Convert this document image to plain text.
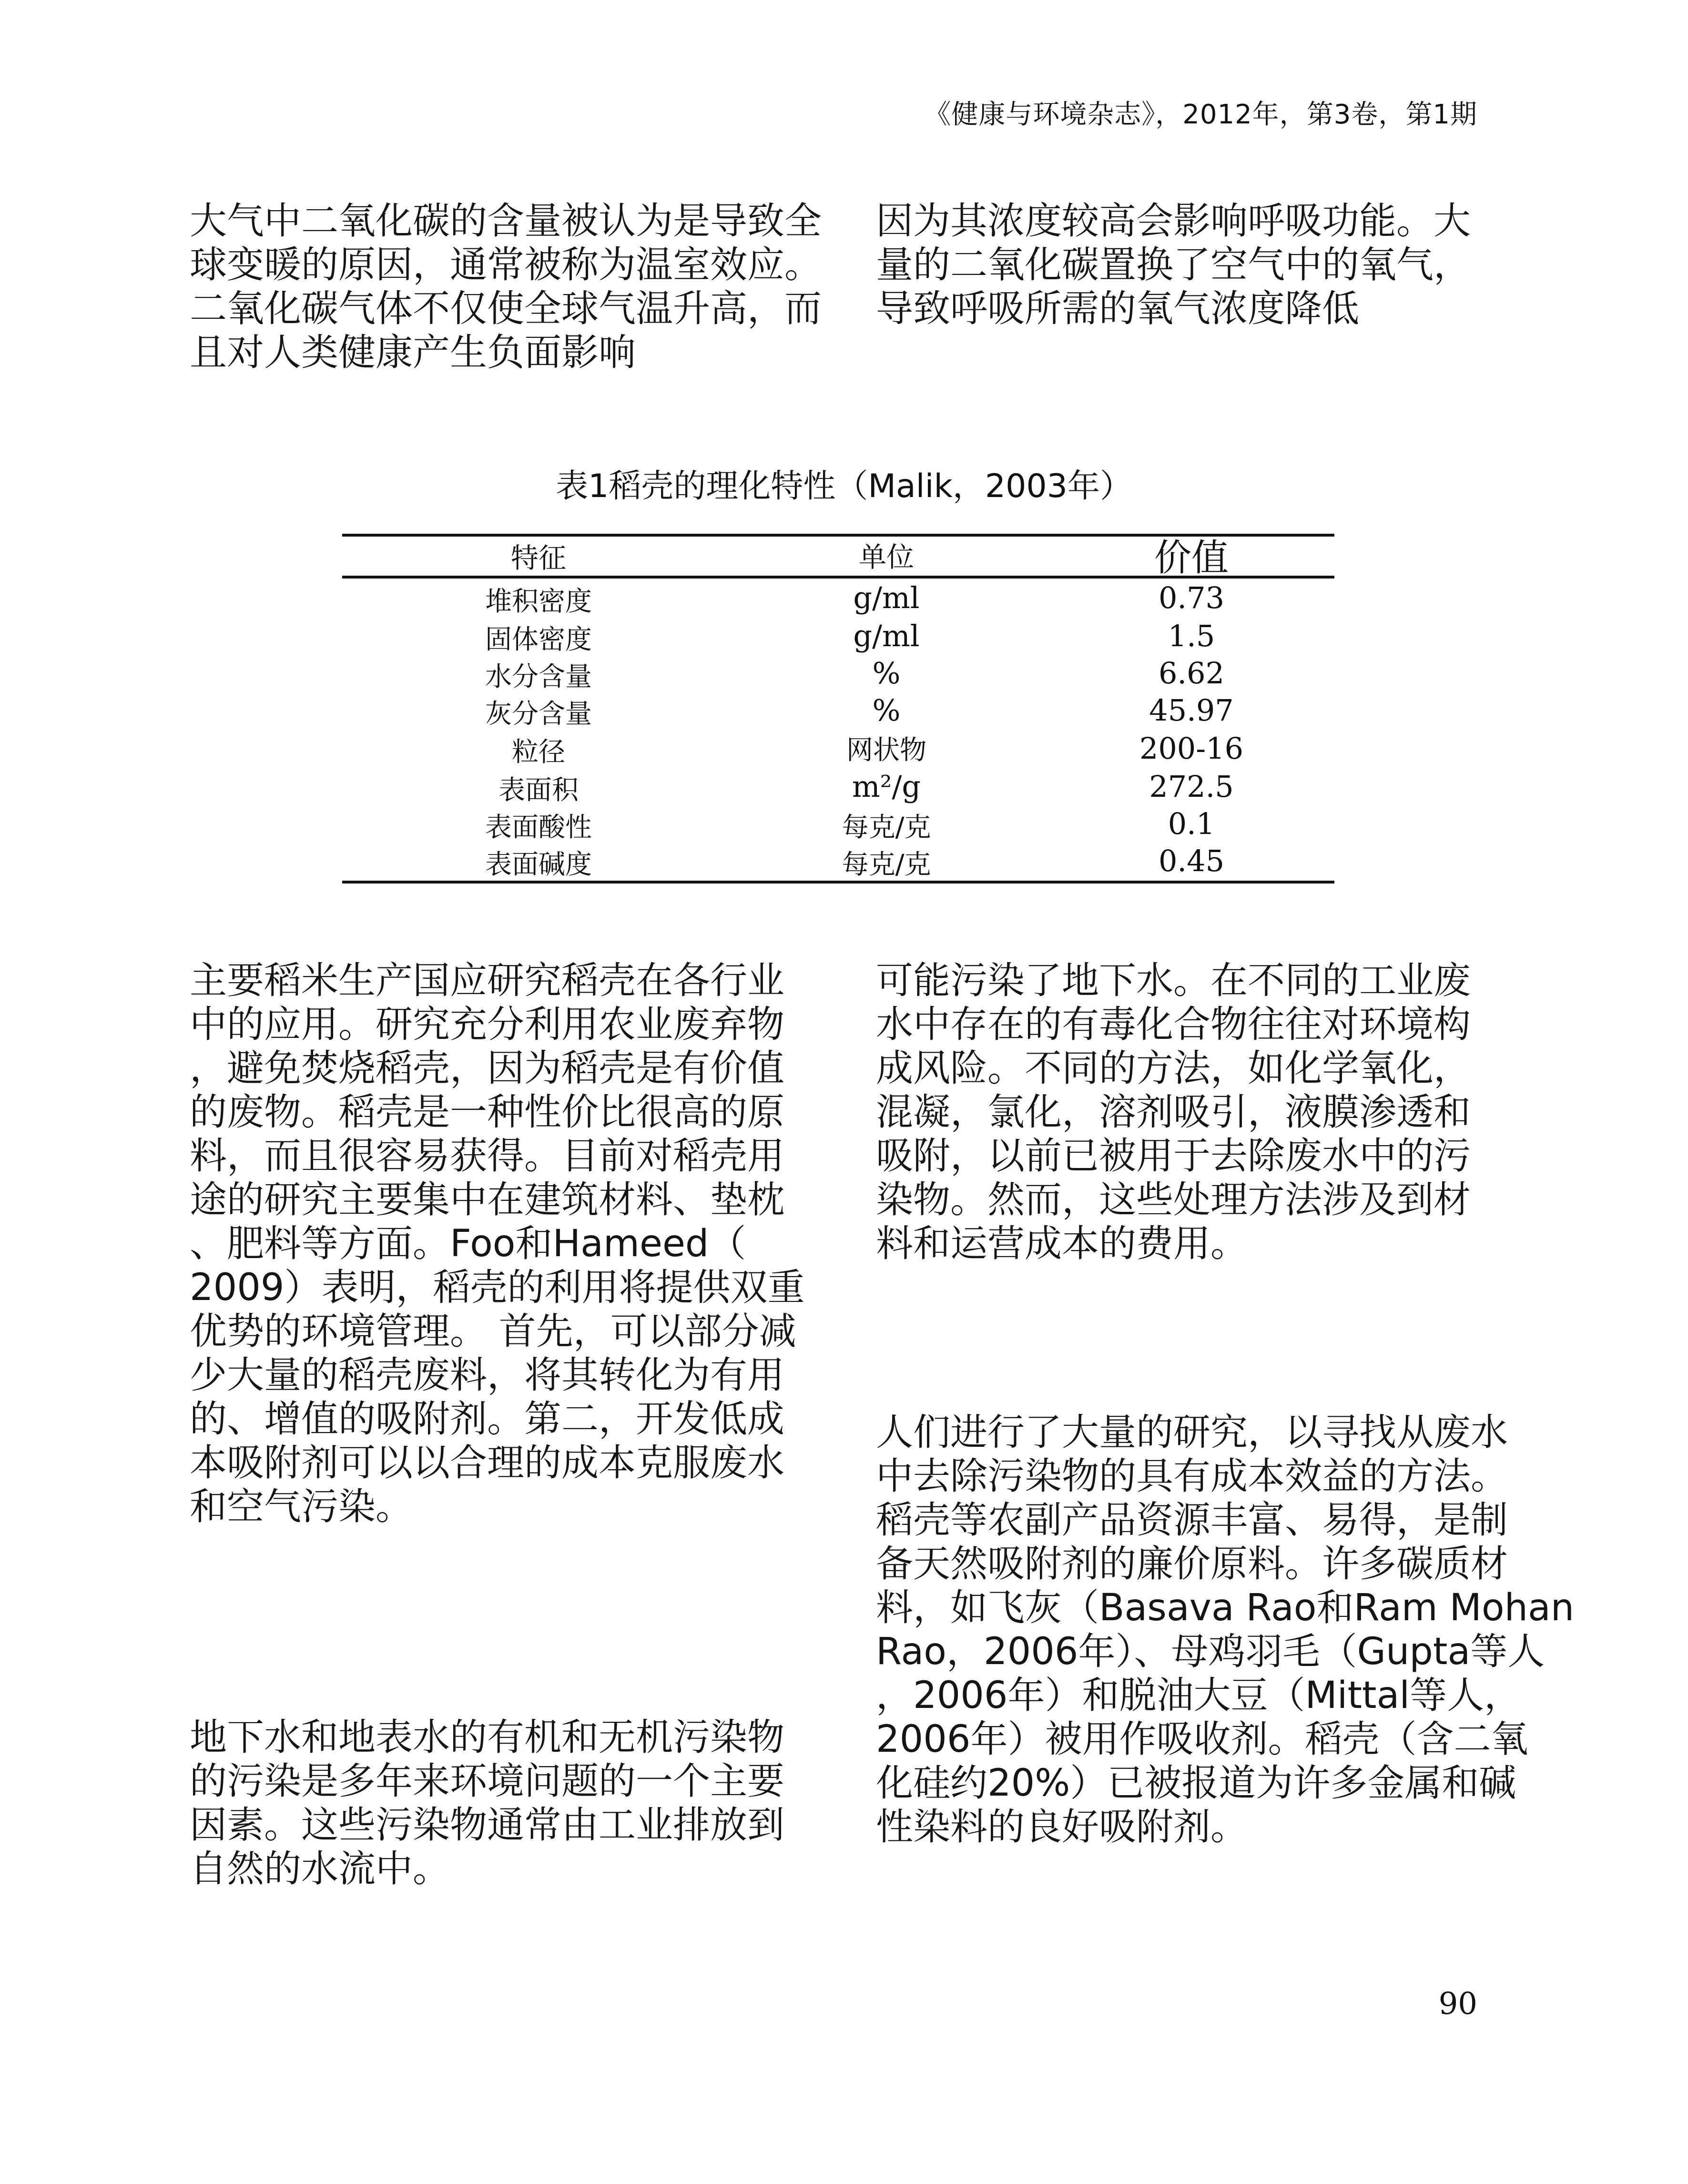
《健康与环境杂志》，2012年，第3卷，第1期
大气中二氧化碳的含量被认为是导致全
球变暖的原因，通常被称为温室效应。
二氧化碳气体不仅使全球气温升高，而
且对人类健康产生负面影响
因为其浓度较高会影响呼吸功能。大
量的二氧化碳置换了空气中的氧气，
导致呼吸所需的氧气浓度降低
表1稻壳的理化特性（Malik，2003年）
特征	单位	价值
堆积密度	g/ml	0.73
固体密度	g/ml	1.5
水分含量	%	6.62
灰分含量	%	45.97
粒径	网状物	200-16
表面积	m²/g	272.5
表面酸性	每克/克	0.1
表面碱度	每克/克	0.45
主要稻米生产国应研究稻壳在各行业
中的应用。研究充分利用农业废弃物
，避免焚烧稻壳，因为稻壳是有价值
的废物。稻壳是一种性价比很高的原
料，而且很容易获得。目前对稻壳用
途的研究主要集中在建筑材料、垫枕
、肥料等方面。Foo和Hameed（
2009）表明，稻壳的利用将提供双重
优势的环境管理。 首先，可以部分减
少大量的稻壳废料，将其转化为有用
的、增值的吸附剂。第二，开发低成
本吸附剂可以以合理的成本克服废水
和空气污染。
可能污染了地下水。在不同的工业废
水中存在的有毒化合物往往对环境构
成风险。不同的方法，如化学氧化，
混凝，氯化，溶剂吸引，液膜渗透和
吸附，以前已被用于去除废水中的污
染物。然而，这些处理方法涉及到材
料和运营成本的费用。
人们进行了大量的研究，以寻找从废水
中去除污染物的具有成本效益的方法。
稻壳等农副产品资源丰富、易得，是制
备天然吸附剂的廉价原料。许多碳质材
料，如飞灰（Basava Rao和Ram Mohan
Rao，2006年）、母鸡羽毛（Gupta等人
，2006年）和脱油大豆（Mittal等人，
2006年）被用作吸收剂。稻壳（含二氧
化硅约20%）已被报道为许多金属和碱
性染料的良好吸附剂。
地下水和地表水的有机和无机污染物
的污染是多年来环境问题的一个主要
因素。这些污染物通常由工业排放到
自然的水流中。
90
